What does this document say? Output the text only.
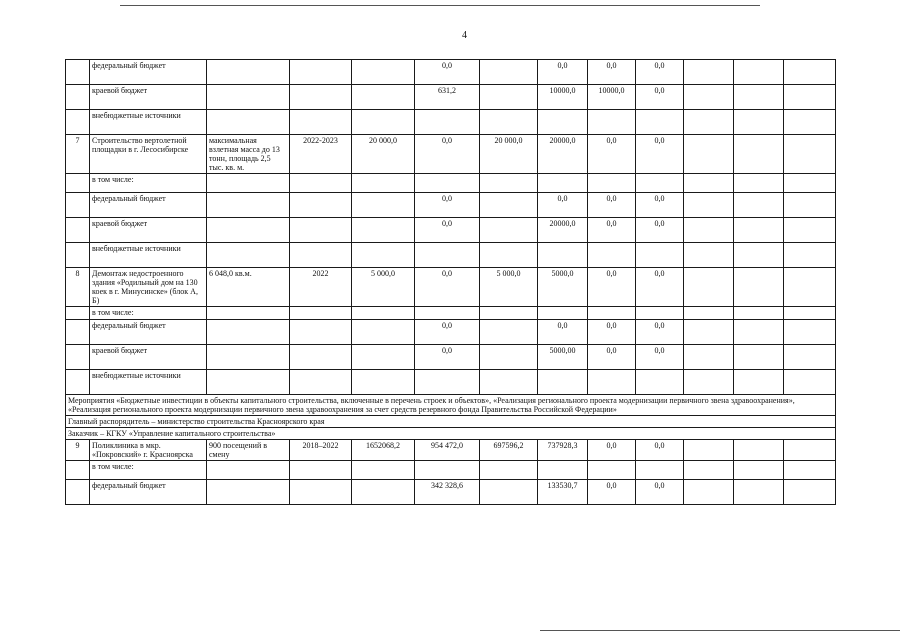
4
	федеральный бюджет				0,0		0,0	0,0	0,0			
	краевой бюджет				631,2		10000,0	10000,0	0,0			
	внебюджетные источники											
7	Строительство вертолетной площадки в г. Лесосибирске	максимальная взлетная масса до 13 тонн, площадь 2,5 тыс. кв. м.	2022-2023	20 000,0	0,0	20 000,0	20000,0	0,0	0,0			
	в том числе:											
	федеральный бюджет				0,0		0,0	0,0	0,0			
	краевой бюджет				0,0		20000,0	0,0	0,0			
	внебюджетные источники											
8	Демонтаж недостроенного здания «Родильный дом на 130 коек в г. Минусинске» (блок А, Б)	6 048,0 кв.м.	2022	5 000,0	0,0	5 000,0	5000,0	0,0	0,0			
	в том числе:											
	федеральный бюджет				0,0		0,0	0,0	0,0			
	краевой бюджет				0,0		5000,00	0,0	0,0			
	внебюджетные источники											
Мероприятия «Бюджетные инвестиции в объекты капитального строительства, включенные в перечень строек и объектов», «Реализация регионального проекта модернизации первичного звена здравоохранения», «Реализация регионального проекта модернизации первичного звена здравоохранения за счет средств резервного фонда Правительства Российской Федерации»												
Главный распорядитель – министерство строительства Красноярского края												
Заказчик – КГКУ «Управление капитального строительства»												
9	Поликлиника в мкр. «Покровский» г. Красноярска	900 посещений в смену	2018–2022	1652068,2	954 472,0	697596,2	737928,3	0,0	0,0			
	в том числе:											
	федеральный бюджет				342 328,6		133530,7	0,0	0,0			
